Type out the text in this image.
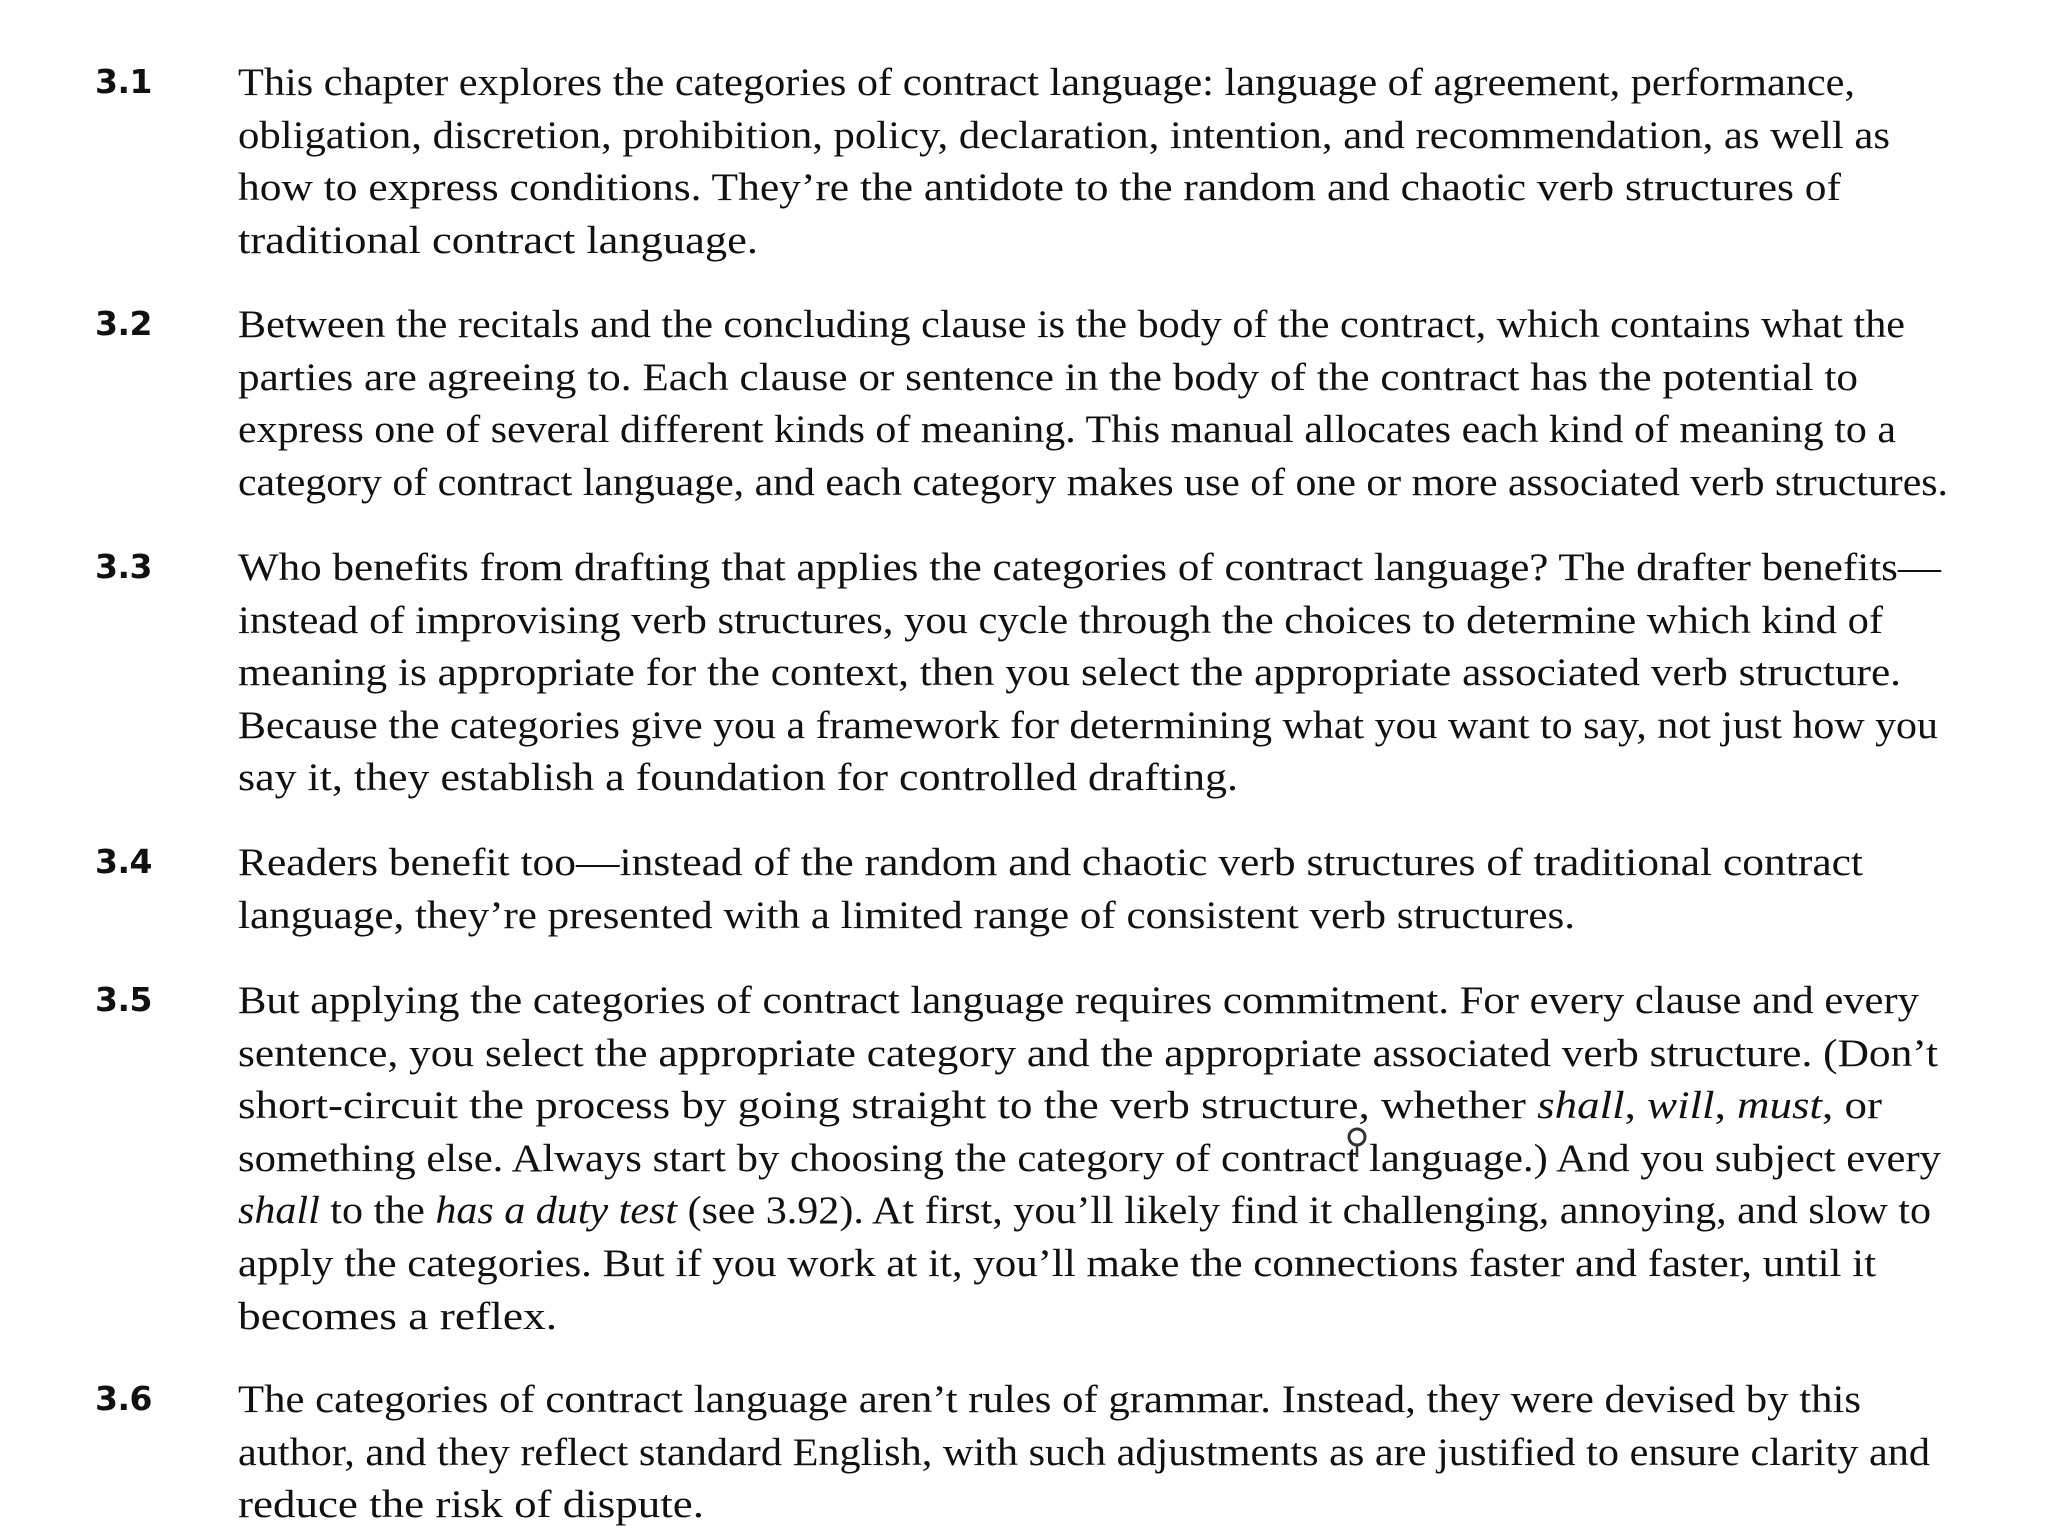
3.1 This chapter explores the categories of contract language: language of agreement, performance,
obligation, discretion, prohibition, policy, declaration, intention, and recommendation, as well as
how to express conditions. They’re the antidote to the random and chaotic verb structures of
traditional contract language.
3.2 Between the recitals and the concluding clause is the body of the contract, which contains what the
parties are agreeing to. Each clause or sentence in the body of the contract has the potential to
express one of several different kinds of meaning. This manual allocates each kind of meaning to a
category of contract language, and each category makes use of one or more associated verb structures.
3.3 Who benefits from drafting that applies the categories of contract language? The drafter benefits—
instead of improvising verb structures, you cycle through the choices to determine which kind of
meaning is appropriate for the context, then you select the appropriate associated verb structure.
Because the categories give you a framework for determining what you want to say, not just how you
say it, they establish a foundation for controlled drafting.
3.4 Readers benefit too—instead of the random and chaotic verb structures of traditional contract
language, they’re presented with a limited range of consistent verb structures.
3.5 But applying the categories of contract language requires commitment. For every clause and every
sentence, you select the appropriate category and the appropriate associated verb structure. (Don’t
short-circuit the process by going straight to the verb structure, whether shall, will, must, or
something else. Always start by choosing the category of contract language.) And you subject every
shall to the has a duty test (see 3.92). At first, you’ll likely find it challenging, annoying, and slow to
apply the categories. But if you work at it, you’ll make the connections faster and faster, until it
becomes a reflex.
3.6 The categories of contract language aren’t rules of grammar. Instead, they were devised by this
author, and they reflect standard English, with such adjustments as are justified to ensure clarity and
reduce the risk of dispute.
